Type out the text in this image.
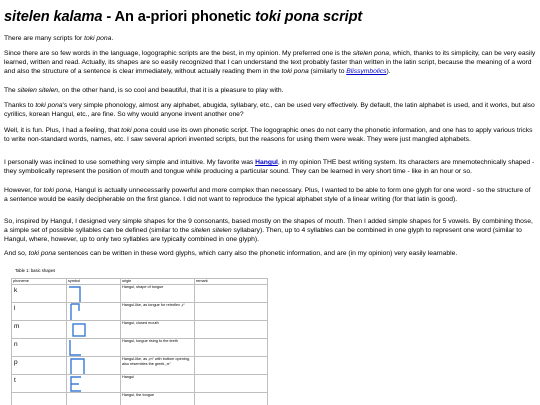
sitelen kalama - An a-priori phonetic toki pona script

There are many scripts for toki pona.

Since there are so few words in the language, logographic scripts are the best, in my opinion. My preferred one is the sitelen pona, which, thanks to its simplicity, can be very easily learned, written and read. Actually, its shapes are so easily recognized that I can understand the text probably faster than written in the latin script, because the meaning of a word and also the structure of a sentence is clear immediately, without actually reading them in the toki pona (similarly to Blissymbolics).

The sitelen sitelen, on the other hand, is so cool and beautiful, that it is a pleasure to play with.

Thanks to toki pona's very simple phonology, almost any alphabet, abugida, syllabary, etc., can be used very effectively. By default, the latin alphabet is used, and it works, but also cyrillics, korean Hangul, etc., are fine. So why would anyone invent another one?

Well, it is fun. Plus, I had a feeling, that toki pona could use its own phonetic script. The logographic ones do not carry the phonetic information, and one has to apply various tricks to write non-standard words, names, etc. I saw several apriori invented scripts, but the reasons for using them were weak. They were just mangled alphabets.

I personally was inclined to use something very simple and intuitive. My favorite was Hangul, in my opinion THE best writing system. Its characters are mnemotechnically shaped - they symbolically represent the position of mouth and tongue while producing a particular sound. They can be learned in very short time - like in an hour or so.

However, for toki pona, Hangul is actually unnecessarily powerful and more complex than necessary. Plus, I wanted to be able to form one glyph for one word - so the structure of a sentence would be easily decipherable on the first glance. I did not want to reproduce the typical alphabet style of a linear writing (for that latin is good).

So, inspired by Hangul, I designed very simple shapes for the 9 consonants, based mostly on the shapes of mouth. Then I added simple shapes for 5 vowels. By combining those, a simple set of possible syllables can be defined (similar to the sitelen sitelen syllabary). Then, up to 4 syllables can be combined in one glyph to represent one word (similar to Hangul, where, however, up to only two syllables are typically combined in one glyph).

And so, toki pona sentences can be written in these word glyphs, which carry also the phonetic information, and are (in my opinion) very easily learnable.

Table 1: basic shapes
phoneme	symbol	origin	remark
k		Hangul, shape of tongue	
l		Hangul-like, as tongue for retroflex „r“	
m		Hangul, closed mouth	
n		Hangul, tongue rising to the teeth	
p		Hangul-like, as „m“ with bottom opening, also resembles the greek „π“	
t		Hangul	
		Hangul, the tongue	
